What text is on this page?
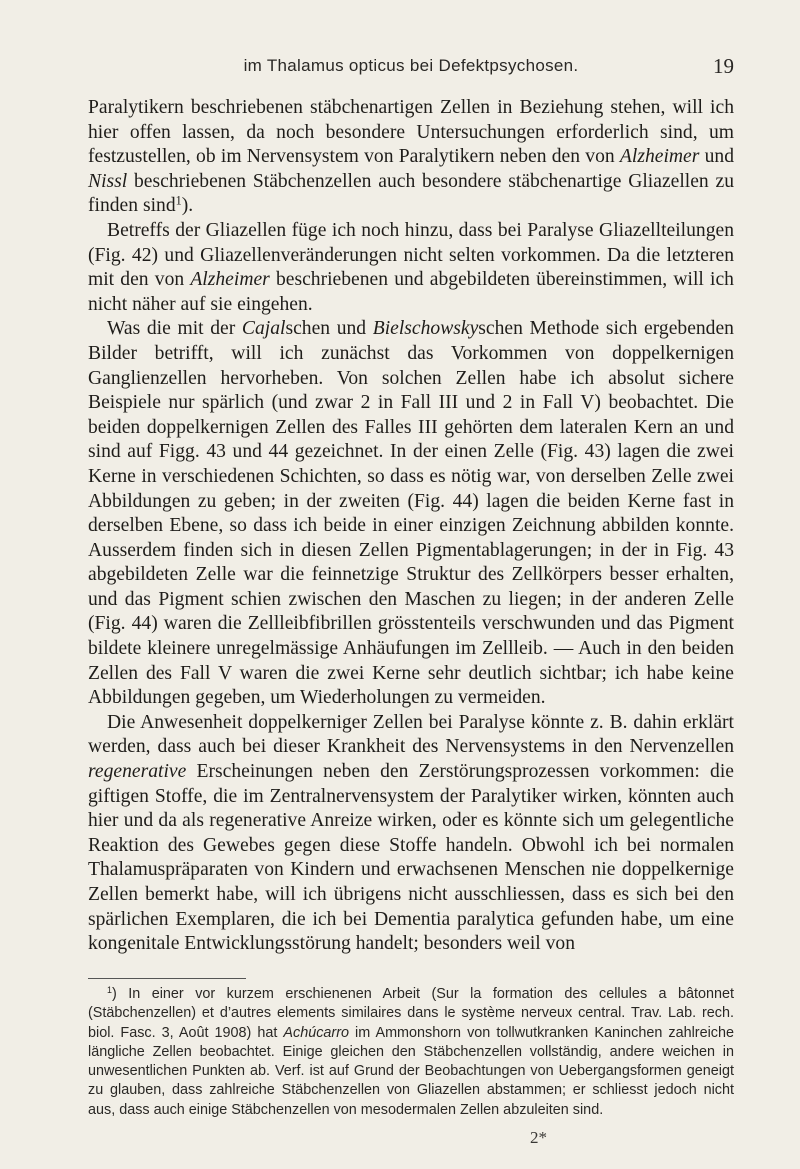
im Thalamus opticus bei Defektpsychosen.	19

Paralytikern beschriebenen stäbchenartigen Zellen in Beziehung stehen, will ich hier offen lassen, da noch besondere Untersuchungen erforderlich sind, um festzustellen, ob im Nervensystem von Paralytikern neben den von Alzheimer und Nissl beschriebenen Stäbchenzellen auch besondere stäbchenartige Gliazellen zu finden sind$^1$).

Betreffs der Gliazellen füge ich noch hinzu, dass bei Paralyse Gliazellteilungen (Fig. 42) und Gliazellenveränderungen nicht selten vorkommen. Da die letzteren mit den von Alzheimer beschriebenen und abgebildeten übereinstimmen, will ich nicht näher auf sie eingehen.

Was die mit der Cajalschen und Bielschowskyschen Methode sich ergebenden Bilder betrifft, will ich zunächst das Vorkommen von doppelkernigen Ganglienzellen hervorheben. Von solchen Zellen habe ich absolut sichere Beispiele nur spärlich (und zwar 2 in Fall III und 2 in Fall V) beobachtet. Die beiden doppelkernigen Zellen des Falles III gehörten dem lateralen Kern an und sind auf Figg. 43 und 44 gezeichnet. In der einen Zelle (Fig. 43) lagen die zwei Kerne in verschiedenen Schichten, so dass es nötig war, von derselben Zelle zwei Abbildungen zu geben; in der zweiten (Fig. 44) lagen die beiden Kerne fast in derselben Ebene, so dass ich beide in einer einzigen Zeichnung abbilden konnte. Ausserdem finden sich in diesen Zellen Pigmentablagerungen; in der in Fig. 43 abgebildeten Zelle war die feinnetzige Struktur des Zellkörpers besser erhalten, und das Pigment schien zwischen den Maschen zu liegen; in der anderen Zelle (Fig. 44) waren die Zellleibfibrillen grösstenteils verschwunden und das Pigment bildete kleinere unregelmässige Anhäufungen im Zellleib. — Auch in den beiden Zellen des Fall V waren die zwei Kerne sehr deutlich sichtbar; ich habe keine Abbildungen gegeben, um Wiederholungen zu vermeiden.

Die Anwesenheit doppelkerniger Zellen bei Paralyse könnte z. B. dahin erklärt werden, dass auch bei dieser Krankheit des Nervensystems in den Nervenzellen regenerative Erscheinungen neben den Zerstörungsprozessen vorkommen: die giftigen Stoffe, die im Zentralnervensystem der Paralytiker wirken, könnten auch hier und da als regenerative Anreize wirken, oder es könnte sich um gelegentliche Reaktion des Gewebes gegen diese Stoffe handeln. Obwohl ich bei normalen Thalamuspräparaten von Kindern und erwachsenen Menschen nie doppelkernige Zellen bemerkt habe, will ich übrigens nicht ausschliessen, dass es sich bei den spärlichen Exemplaren, die ich bei Dementia paralytica gefunden habe, um eine kongenitale Entwicklungsstörung handelt; besonders weil von

$^1$) In einer vor kurzem erschienenen Arbeit (Sur la formation des cellules a bâtonnet (Stäbchenzellen) et d’autres elements similaires dans le système nerveux central. Trav. Lab. rech. biol. Fasc. 3, Août 1908) hat Achúcarro im Ammonshorn von tollwutkranken Kaninchen zahlreiche längliche Zellen beobachtet. Einige gleichen den Stäbchenzellen vollständig, andere weichen in unwesentlichen Punkten ab. Verf. ist auf Grund der Beobachtungen von Uebergangsformen geneigt zu glauben, dass zahlreiche Stäbchenzellen von Gliazellen abstammen; er schliesst jedoch nicht aus, dass auch einige Stäbchenzellen von mesodermalen Zellen abzuleiten sind.

2*
